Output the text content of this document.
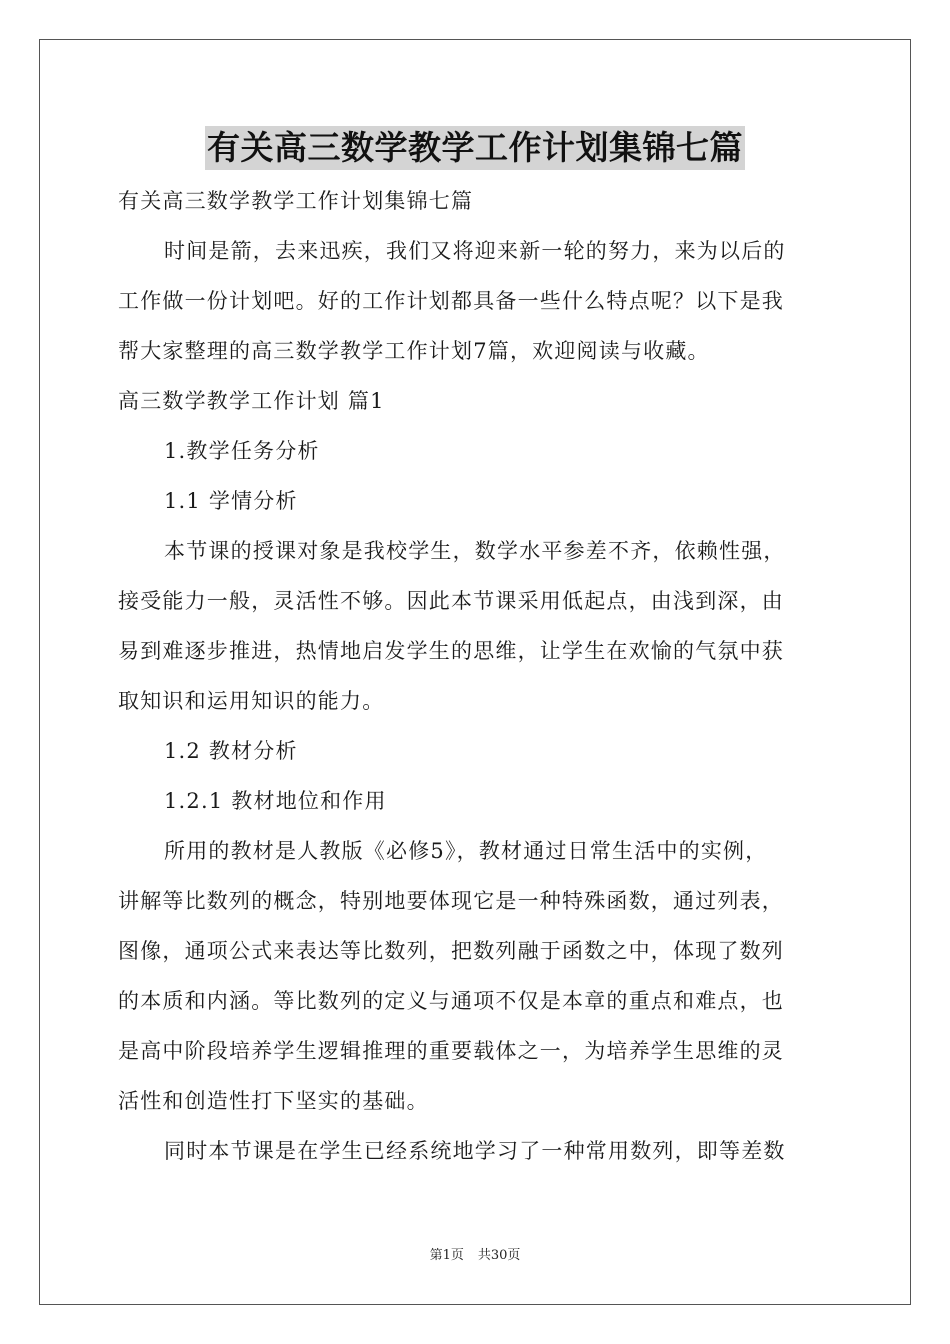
有关高三数学教学工作计划集锦七篇
有关高三数学教学工作计划集锦七篇
时间是箭，去来迅疾，我们又将迎来新一轮的努力，来为以后的
工作做一份计划吧。好的工作计划都具备一些什么特点呢？以下是我
帮大家整理的高三数学教学工作计划7篇，欢迎阅读与收藏。
高三数学教学工作计划 篇1
1.教学任务分析
1.1 学情分析
本节课的授课对象是我校学生，数学水平参差不齐，依赖性强，
接受能力一般，灵活性不够。因此本节课采用低起点，由浅到深，由
易到难逐步推进，热情地启发学生的思维，让学生在欢愉的气氛中获
取知识和运用知识的能力。
1.2 教材分析
1.2.1 教材地位和作用
所用的教材是人教版《必修5》，教材通过日常生活中的实例，
讲解等比数列的概念，特别地要体现它是一种特殊函数，通过列表，
图像，通项公式来表达等比数列，把数列融于函数之中，体现了数列
的本质和内涵。等比数列的定义与通项不仅是本章的重点和难点，也
是高中阶段培养学生逻辑推理的重要载体之一，为培养学生思维的灵
活性和创造性打下坚实的基础。
同时本节课是在学生已经系统地学习了一种常用数列，即等差数
第1页 共30页
